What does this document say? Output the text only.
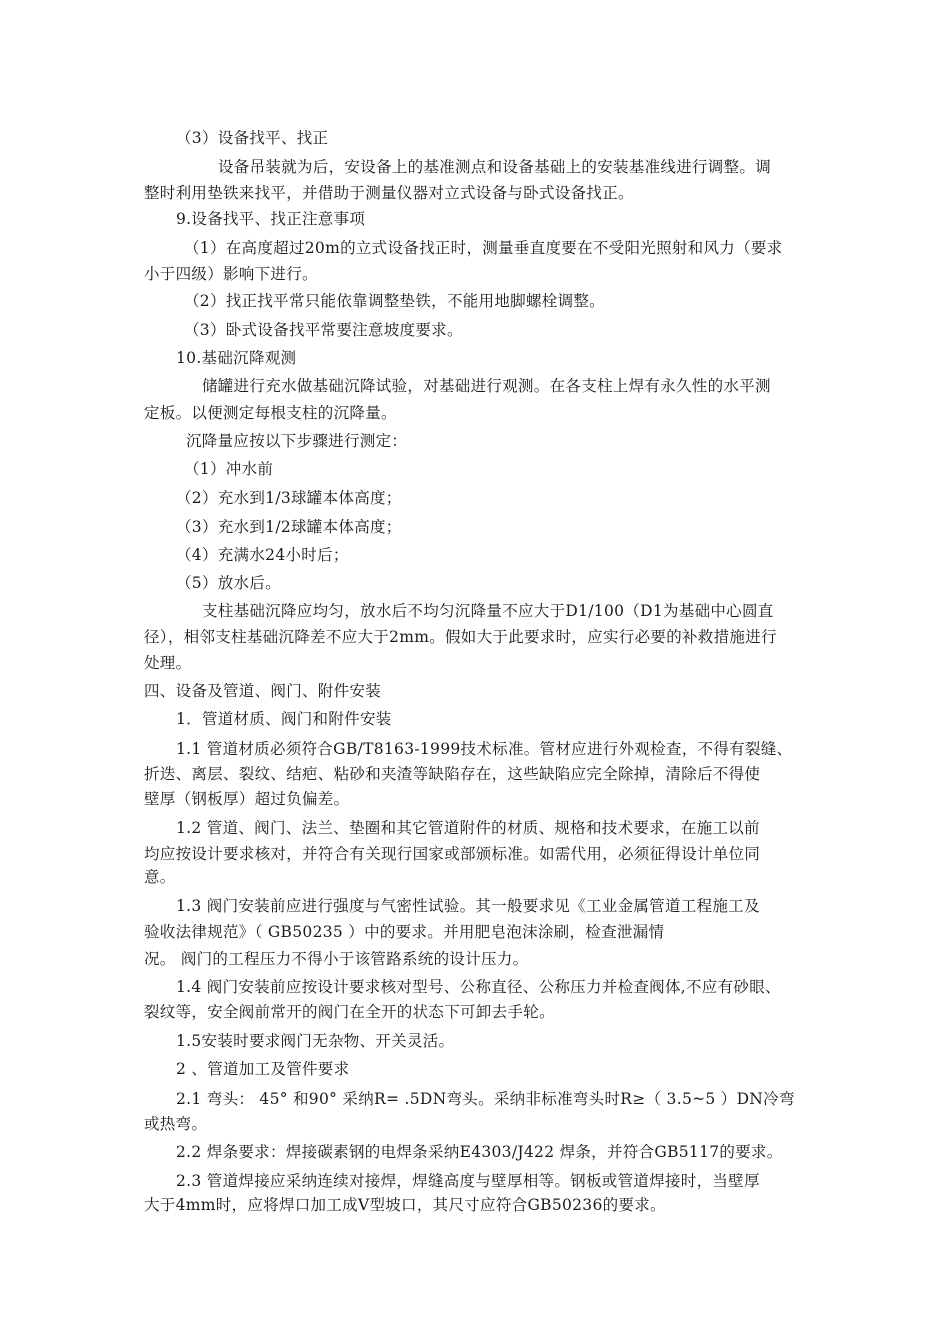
（3）设备找平、找正
设备吊装就为后，安设备上的基准测点和设备基础上的安装基准线进行调整。调
整时利用垫铁来找平，并借助于测量仪器对立式设备与卧式设备找正。
9.设备找平、找正注意事项
（1）在高度超过20m的立式设备找正时，测量垂直度要在不受阳光照射和风力（要求
小于四级）影响下进行。
（2）找正找平常只能依靠调整垫铁，不能用地脚螺栓调整。
（3）卧式设备找平常要注意坡度要求。
10.基础沉降观测
储罐进行充水做基础沉降试验，对基础进行观测。在各支柱上焊有永久性的水平测
定板。以便测定每根支柱的沉降量。
沉降量应按以下步骤进行测定：
（1）冲水前
（2）充水到1/3球罐本体高度；
（3）充水到1/2球罐本体高度；
（4）充满水24小时后；
（5）放水后。
支柱基础沉降应均匀，放水后不均匀沉降量不应大于D1/100（D1为基础中心圆直
径），相邻支柱基础沉降差不应大于2mm。假如大于此要求时，应实行必要的补救措施进行
处理。
四、设备及管道、阀门、附件安装
1．管道材质、阀门和附件安装
1.1 管道材质必须符合GB/T8163-1999技术标准。管材应进行外观检查，不得有裂缝、
折迭、离层、裂纹、结疤、粘砂和夹渣等缺陷存在，这些缺陷应完全除掉，清除后不得使
壁厚（钢板厚）超过负偏差。
1.2 管道、阀门、法兰、垫圈和其它管道附件的材质、规格和技术要求，在施工以前
均应按设计要求核对，并符合有关现行国家或部颁标准。如需代用，必须征得设计单位同
意。
1.3 阀门安装前应进行强度与气密性试验。其一般要求见《工业金属管道工程施工及
验收法律规范》（ GB50235 ）中的要求。并用肥皂泡沫涂刷，检查泄漏情
况。 阀门的工程压力不得小于该管路系统的设计压力。
1.4 阀门安装前应按设计要求核对型号、公称直径、公称压力并检查阀体,不应有砂眼、
裂纹等，安全阀前常开的阀门在全开的状态下可卸去手轮。
1.5安装时要求阀门无杂物、开关灵活。
2 、管道加工及管件要求
2.1 弯头： 45° 和90° 采纳R= .5DN弯头。采纳非标准弯头时R≥（ 3.5~5 ）DN冷弯
或热弯。
2.2 焊条要求：焊接碳素钢的电焊条采纳E4303/J422 焊条，并符合GB5117的要求。
2.3 管道焊接应采纳连续对接焊，焊缝高度与壁厚相等。钢板或管道焊接时，当壁厚
大于4mm时，应将焊口加工成V型坡口，其尺寸应符合GB50236的要求。
